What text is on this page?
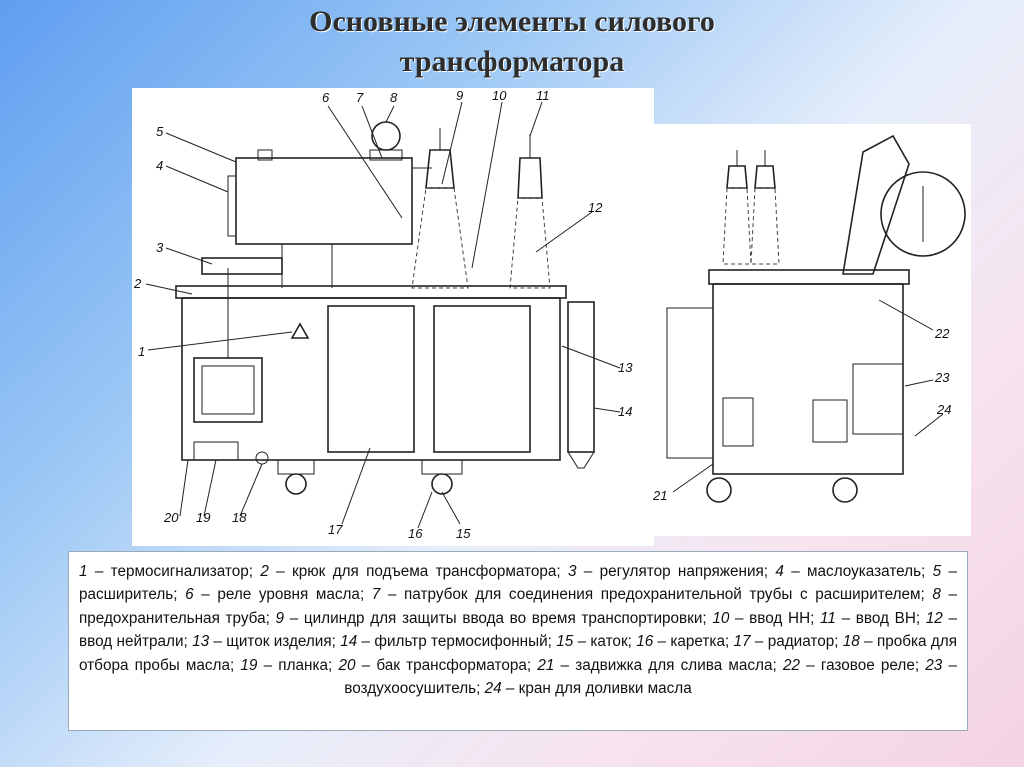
Основные элементы силового
трансформатора
5
4
3
2
1
6 7 8	9 10 11
12
13
14
15
16
17
18
19
20
21
22
23
24
1 – термосигнализатор; 2 – крюк для подъема трансформатора; 3 – регулятор напряжения; 4 – маслоуказатель; 5 – расширитель; 6 – реле уровня масла; 7 – патрубок для соединения предохранительной трубы с расширителем; 8 – предохранительная труба; 9 – цилиндр для защиты ввода во время транспортировки; 10 – ввод НН; 11 – ввод ВН; 12 – ввод нейтрали; 13 – щиток изделия; 14 – фильтр термосифонный; 15 – каток; 16 – каретка; 17 – радиатор; 18 – пробка для отбора пробы масла; 19 – планка; 20 – бак трансформатора; 21 – задвижка для слива масла; 22 – газовое реле; 23 – воздухоосушитель; 24 – кран для доливки масла
